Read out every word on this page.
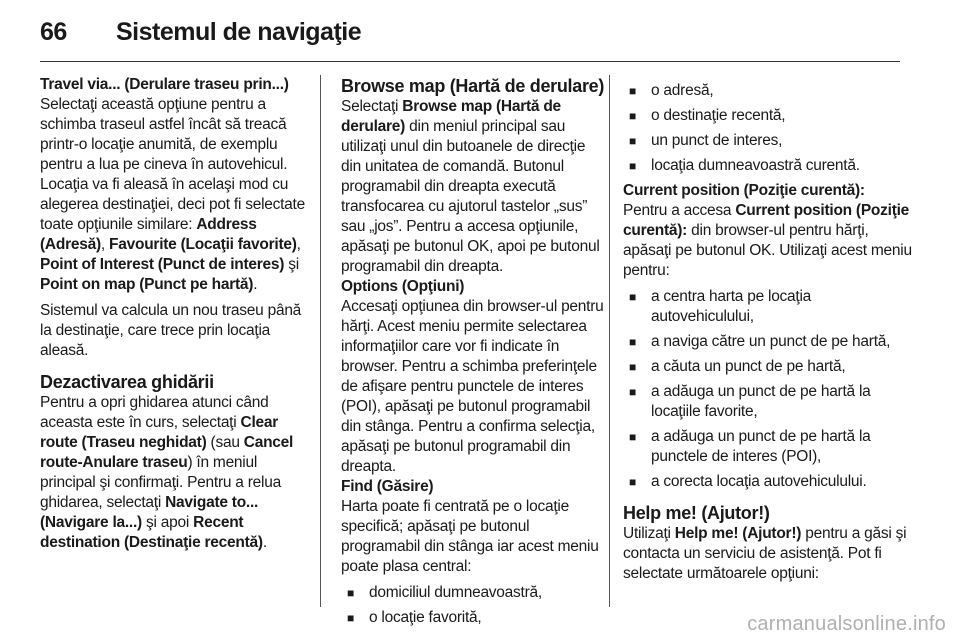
66	Sistemul de navigaţie

Travel via... (Derulare traseu prin...)

Selectaţi această opţiune pentru a schimba traseul astfel încât să treacă printr-o locaţie anumită, de exemplu pentru a lua pe cineva în autovehicul. Locaţia va fi aleasă în acelaşi mod cu alegerea destinaţiei, deci pot fi selectate toate opţiunile similare: Address (Adresă), Favourite (Locaţii favorite), Point of Interest (Punct de interes) şi Point on map (Punct pe hartă).

Sistemul va calcula un nou traseu până la destinaţie, care trece prin locaţia aleasă.

Dezactivarea ghidării

Pentru a opri ghidarea atunci când aceasta este în curs, selectaţi Clear route (Traseu neghidat) (sau Cancel route-Anulare traseu) în meniul principal şi confirmaţi. Pentru a relua ghidarea, selectaţi Navigate to... (Navigare la...) şi apoi Recent destination (Destinaţie recentă).

Browse map (Hartă de derulare)

Selectaţi Browse map (Hartă de derulare) din meniul principal sau utilizaţi unul din butoanele de direcţie din unitatea de comandă. Butonul programabil din dreapta execută transfocarea cu ajutorul tastelor „sus” sau „jos”. Pentru a accesa opţiunile, apăsaţi pe butonul OK, apoi pe butonul programabil din dreapta.

Options (Opţiuni)

Accesaţi opţiunea din browser-ul pentru hărţi. Acest meniu permite selectarea informaţiilor care vor fi indicate în browser. Pentru a schimba preferinţele de afişare pentru punctele de interes (POI), apăsaţi pe butonul programabil din stânga. Pentru a confirma selecţia, apăsaţi pe butonul programabil din dreapta.

Find (Găsire)

Harta poate fi centrată pe o locaţie specifică; apăsaţi pe butonul programabil din stânga iar acest meniu poate plasa central:

■ domiciliul dumneavoastră,
■ o locaţie favorită,
■ o adresă,
■ o destinaţie recentă,
■ un punct de interes,
■ locaţia dumneavoastră curentă.

Current position (Poziţie curentă):

Pentru a accesa Current position (Poziţie curentă): din browser-ul pentru hărţi, apăsaţi pe butonul OK. Utilizaţi acest meniu pentru:

■ a centra harta pe locaţia autovehiculului,
■ a naviga către un punct de pe hartă,
■ a căuta un punct de pe hartă,
■ a adăuga un punct de pe hartă la locaţiile favorite,
■ a adăuga un punct de pe hartă la punctele de interes (POI),
■ a corecta locaţia autovehiculului.
Help me! (Ajutor!)

Utilizaţi Help me! (Ajutor!) pentru a găsi şi contacta un serviciu de asistenţă. Pot fi selectate următoarele opţiuni:

carmanualsonline.info
